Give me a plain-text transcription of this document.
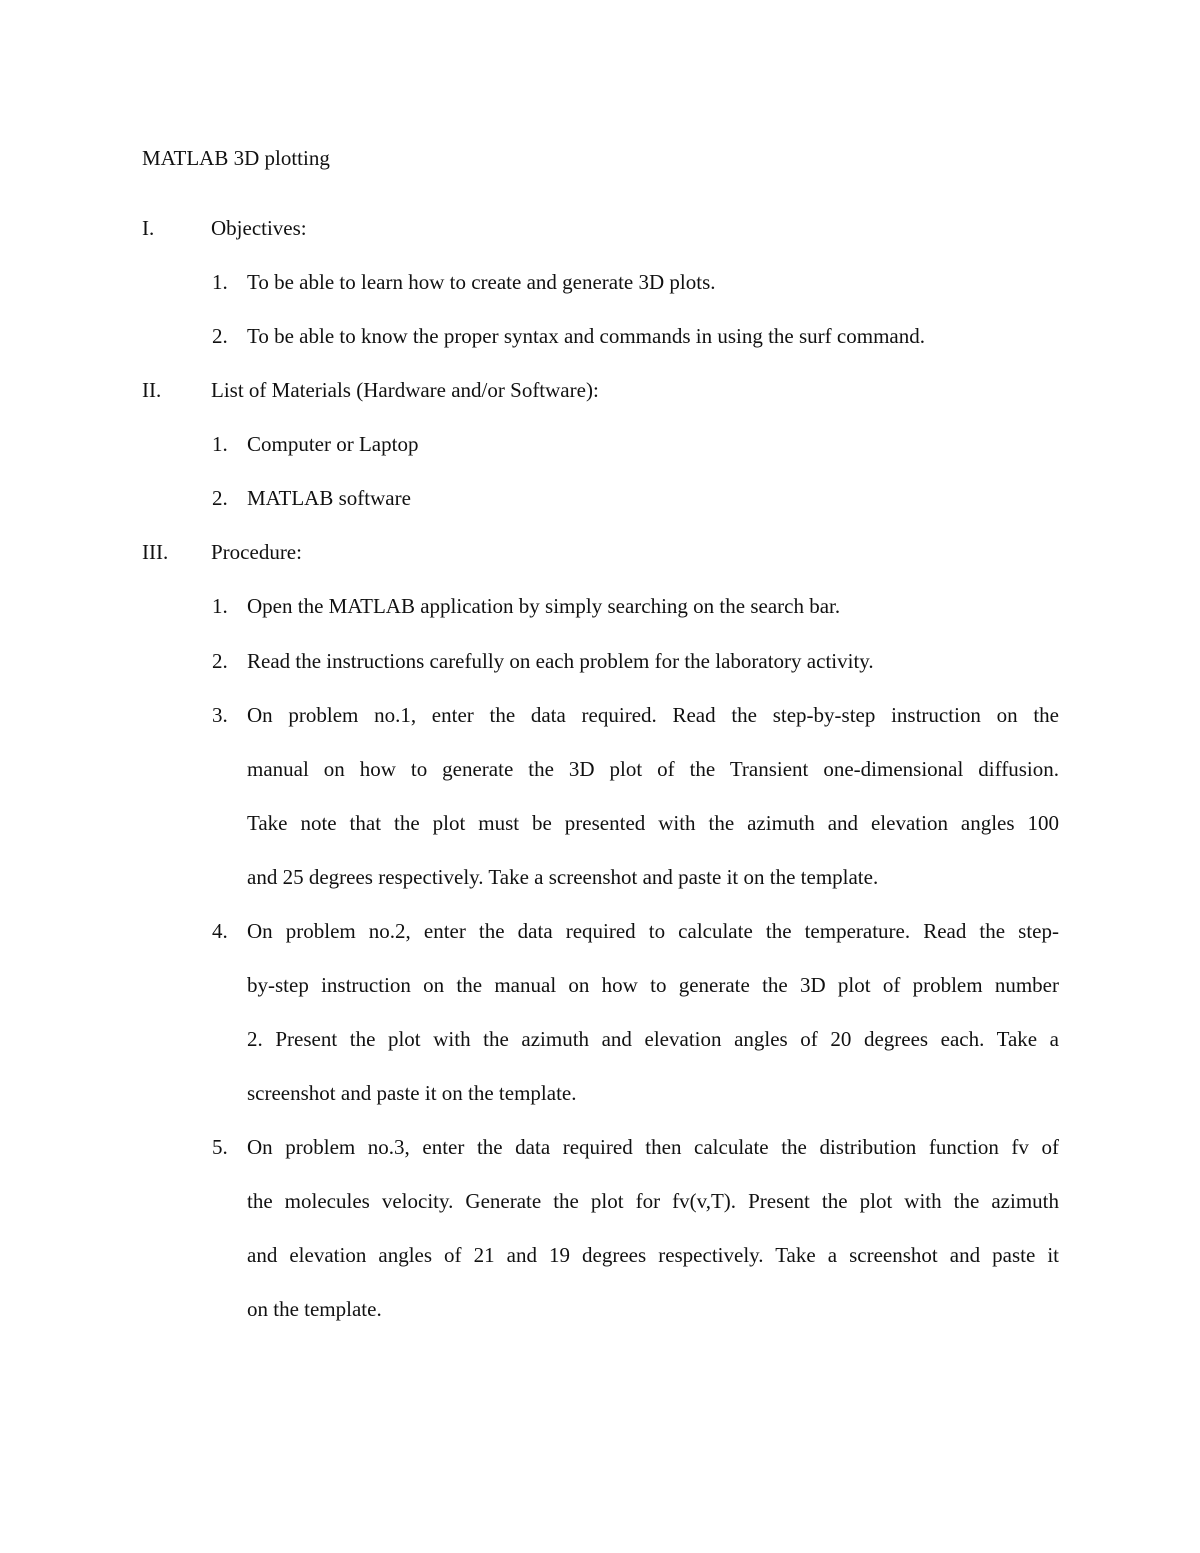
MATLAB 3D plotting
I.	Objectives:
1. To be able to learn how to create and generate 3D plots.
2. To be able to know the proper syntax and commands in using the surf command.
II. List of Materials (Hardware and/or Software):
1. Computer or Laptop
2. MATLAB software
III. Procedure:
1. Open the MATLAB application by simply searching on the search bar.
2. Read the instructions carefully on each problem for the laboratory activity.
3. On problem no.1, enter the data required. Read the step-by-step instruction on the
manual on how to generate the 3D plot of the Transient one-dimensional diffusion.
Take note that the plot must be presented with the azimuth and elevation angles 100
and 25 degrees respectively. Take a screenshot and paste it on the template.
4. On problem no.2, enter the data required to calculate the temperature. Read the step-
by-step instruction on the manual on how to generate the 3D plot of problem number
2. Present the plot with the azimuth and elevation angles of 20 degrees each. Take a
screenshot and paste it on the template.
5. On problem no.3, enter the data required then calculate the distribution function fv of
the molecules velocity. Generate the plot for fv(v,T). Present the plot with the azimuth
and elevation angles of 21 and 19 degrees respectively. Take a screenshot and paste it
on the template.
